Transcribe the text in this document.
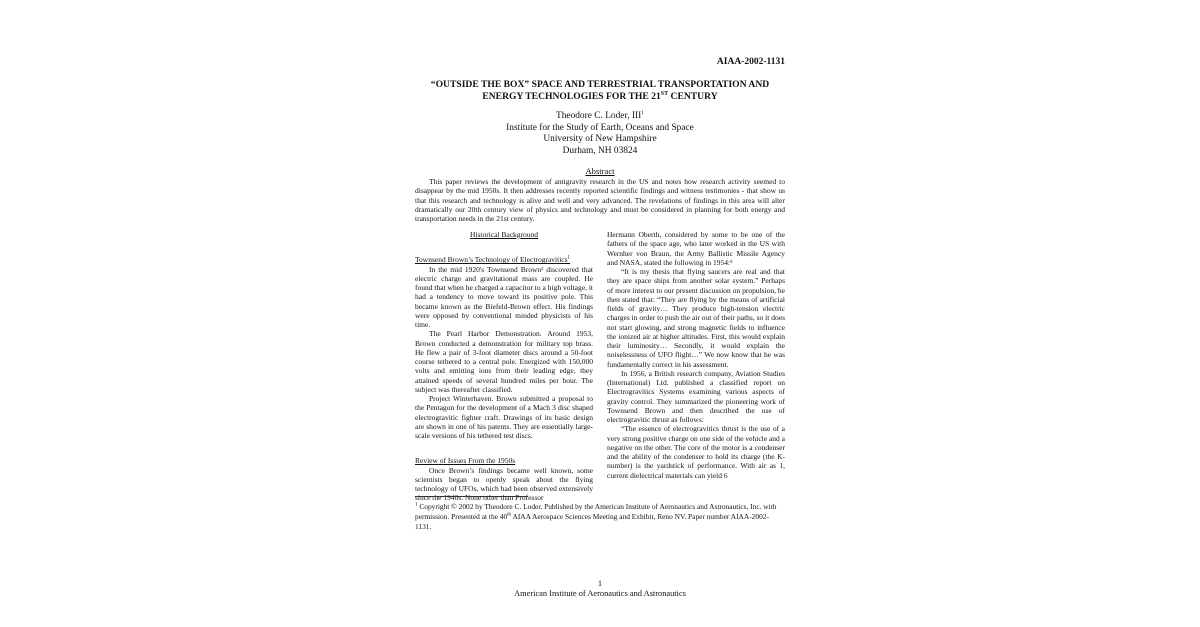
AIAA-2002-1131
“OUTSIDE THE BOX” SPACE AND TERRESTRIAL TRANSPORTATION AND
ENERGY TECHNOLOGIES FOR THE 21ST CENTURY
Theodore C. Loder, III$^1$
Institute for the Study of Earth, Oceans and Space
University of New Hampshire
Durham, NH 03824
Abstract
This paper reviews the development of antigravity research in the US and notes how research activity seemed to disappear by the mid 1950s. It then addresses recently reported scientific findings and witness testimonies - that show us that this research and technology is alive and well and very advanced. The revelations of findings in this area will alter dramatically our 20th century view of physics and technology and must be considered in planning for both energy and transportation needs in the 21st century.
Historical Background
Townsend Brown’s Technology of Electrogravitics$^1$

In the mid 1920's Townsend Brown² discovered that electric charge and gravitational mass are coupled. He found that when he charged a capacitor to a high voltage, it had a tendency to move toward its positive pole. This became known as the Biefeld-Brown effect. His findings were opposed by conventional minded physicists of his time.

The Pearl Harbor Demonstration. Around 1953, Brown conducted a demonstration for military top brass. He flew a pair of 3-foot diameter discs around a 50-foot course tethered to a central pole. Energized with 150,000 volts and emitting ions from their leading edge, they attained speeds of several hundred miles per hour. The subject was thereafter classified.

Project Winterhaven. Brown submitted a proposal to the Pentagon for the development of a Mach 3 disc shaped electrogravitic fighter craft. Drawings of its basic design are shown in one of his patents. They are essentially large-scale versions of his tethered test discs.

Review of Issues From the 1950s

Once Brown’s findings became well known, some scientists began to openly speak about the flying technology of UFOs, which had been observed extensively since the 1940s. None other than Professor

Hermann Oberth, considered by some to be one of the fathers of the space age, who later worked in the US with Wernher von Braun, the Army Ballistic Missile Agency and NASA, stated the following in 1954:³

“It is my thesis that flying saucers are real and that they are space ships from another solar system.” Perhaps of more interest to our present discussion on propulsion, he then stated that: “They are flying by the means of artificial fields of gravity… They produce high-tension electric charges in order to push the air out of their paths, so it does not start glowing, and strong magnetic fields to influence the ionized air at higher altitudes. First, this would explain their luminosity… Secondly, it would explain the noiselessness of UFO flight…” We now know that he was fundamentally correct in his assessment.

In 1956, a British research company, Aviation Studies (International) Ltd. published a classified report on Electrogravitics Systems examining various aspects of gravity control. They summarized the pioneering work of Townsend Brown and then described the use of electrogravitic thrust as follows:

“The essence of electrogravitics thrust is the use of a very strong positive charge on one side of the vehicle and a negative on the other. The core of the motor is a condenser and the ability of the condenser to hold its charge (the K-number) is the yardstick of performance. With air as 1, current dielectrical materials can yield 6

$^1$ Copyright © 2002 by Theodore C. Loder. Published by the American Institute of Aeronautics and Astronautics, Inc. with permission. Presented at the 40th AIAA Aerospace Sciences Meeting and Exhibit, Reno NV. Paper number AIAA-2002-1131.
1
American Institute of Aeronautics and Astronautics
